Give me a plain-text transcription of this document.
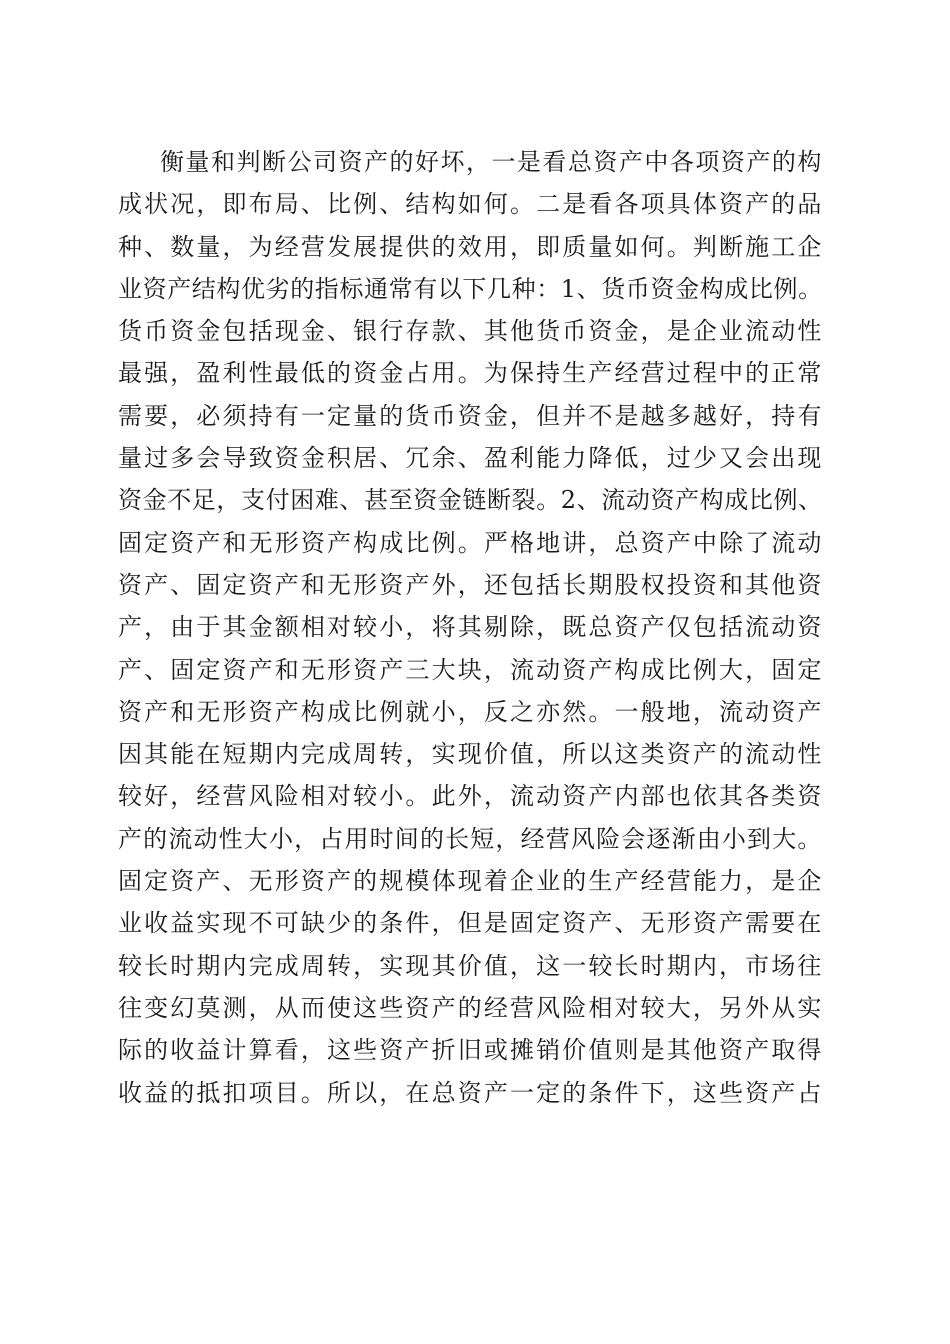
衡量和判断公司资产的好坏，一是看总资产中各项资产的构
成状况，即布局、比例、结构如何。二是看各项具体资产的品
种、数量，为经营发展提供的效用，即质量如何。判断施工企
业资产结构优劣的指标通常有以下几种：1、货币资金构成比例。
货币资金包括现金、银行存款、其他货币资金，是企业流动性
最强，盈利性最低的资金占用。为保持生产经营过程中的正常
需要，必须持有一定量的货币资金，但并不是越多越好，持有
量过多会导致资金积居、冗余、盈利能力降低，过少又会出现
资金不足，支付困难、甚至资金链断裂。2、流动资产构成比例、
固定资产和无形资产构成比例。严格地讲，总资产中除了流动
资产、固定资产和无形资产外，还包括长期股权投资和其他资
产，由于其金额相对较小，将其剔除，既总资产仅包括流动资
产、固定资产和无形资产三大块，流动资产构成比例大，固定
资产和无形资产构成比例就小，反之亦然。一般地，流动资产
因其能在短期内完成周转，实现价值，所以这类资产的流动性
较好，经营风险相对较小。此外，流动资产内部也依其各类资
产的流动性大小，占用时间的长短，经营风险会逐渐由小到大。
固定资产、无形资产的规模体现着企业的生产经营能力，是企
业收益实现不可缺少的条件，但是固定资产、无形资产需要在
较长时期内完成周转，实现其价值，这一较长时期内，市场往
往变幻莫测，从而使这些资产的经营风险相对较大，另外从实
际的收益计算看，这些资产折旧或摊销价值则是其他资产取得
收益的抵扣项目。所以，在总资产一定的条件下，这些资产占
